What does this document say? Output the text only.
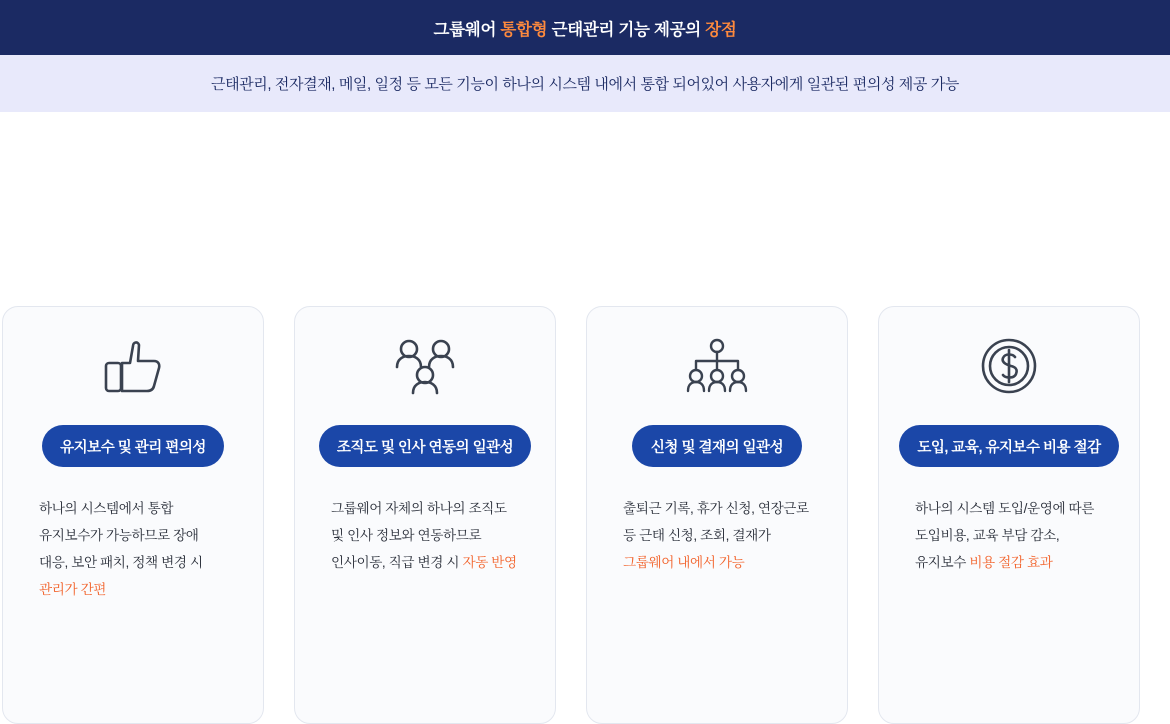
그룹웨어 통합형 근태관리 기능 제공의 장점
근태관리, 전자결재, 메일, 일정 등 모든 기능이 하나의 시스템 내에서 통합 되어있어 사용자에게 일관된 편의성 제공 가능
유지보수 및 관리 편의성
하나의 시스템에서 통합
유지보수가 가능하므로 장애
대응, 보안 패치, 정책 변경 시
관리가 간편
조직도 및 인사 연동의 일관성
그룹웨어 자체의 하나의 조직도
및 인사 정보와 연동하므로
인사이동, 직급 변경 시 자동 반영
신청 및 결재의 일관성
출퇴근 기록, 휴가 신청, 연장근로
등 근태 신청, 조회, 결재가
그룹웨어 내에서 가능
도입, 교육, 유지보수 비용 절감
하나의 시스템 도입/운영에 따른
도입비용, 교육 부담 감소,
유지보수 비용 절감 효과
